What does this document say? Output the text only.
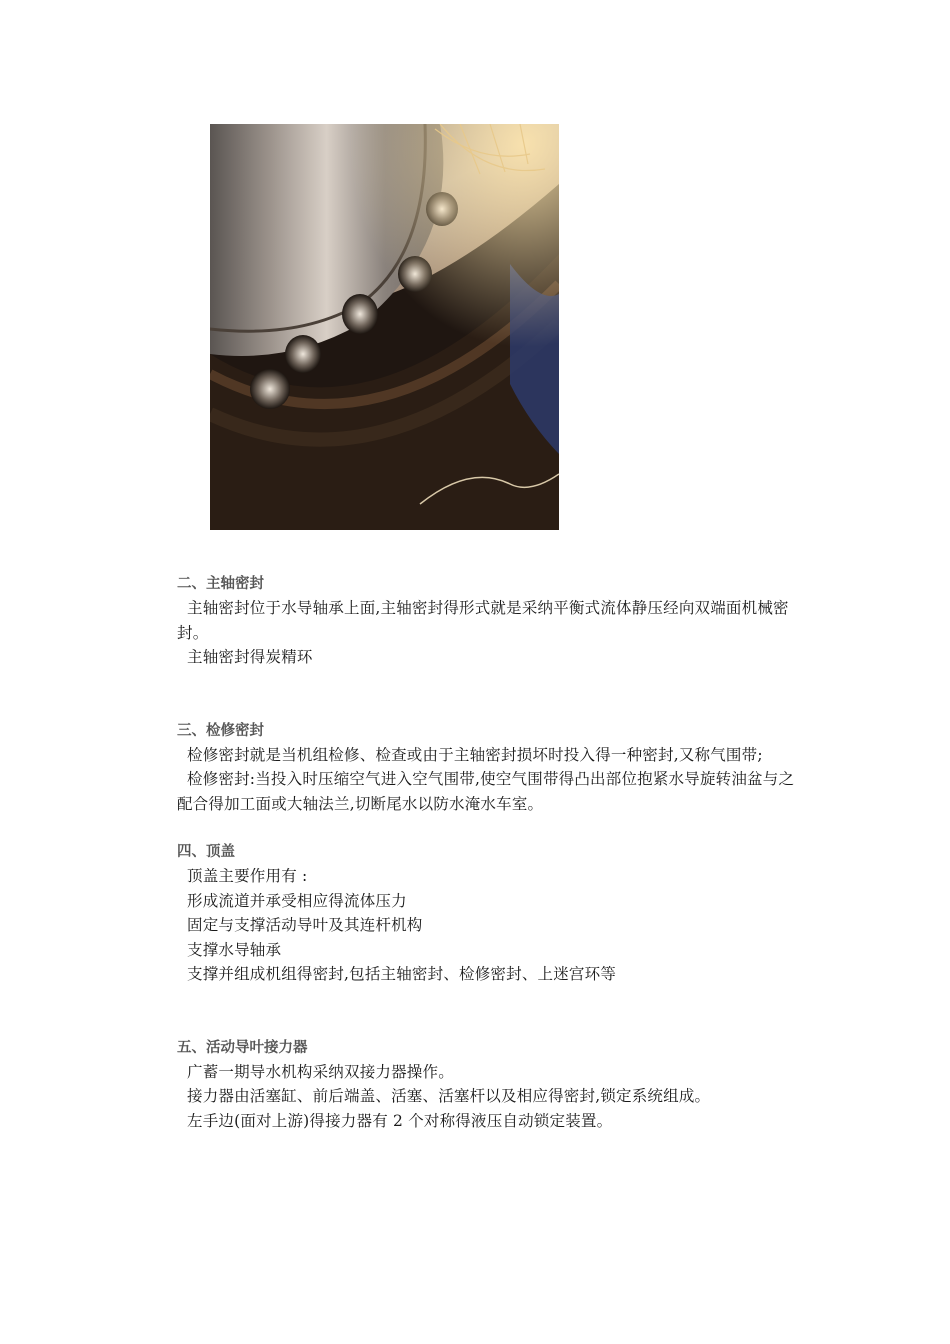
二、主轴密封

主轴密封位于水导轴承上面,主轴密封得形式就是采纳平衡式流体静压经向双端面机械密封。

主轴密封得炭精环

三、检修密封

检修密封就是当机组检修、检查或由于主轴密封损坏时投入得一种密封,又称气围带;

检修密封:当投入时压缩空气进入空气围带,使空气围带得凸出部位抱紧水导旋转油盆与之配合得加工面或大轴法兰,切断尾水以防水淹水车室。

四、顶盖

顶盖主要作用有 :

形成流道并承受相应得流体压力

固定与支撑活动导叶及其连杆机构

支撑水导轴承

支撑并组成机组得密封,包括主轴密封、检修密封、上迷宫环等

五、活动导叶接力器

广蓄一期导水机构采纳双接力器操作。

接力器由活塞缸、前后端盖、活塞、活塞杆以及相应得密封,锁定系统组成。

左手边(面对上游)得接力器有 2 个对称得液压自动锁定装置。
